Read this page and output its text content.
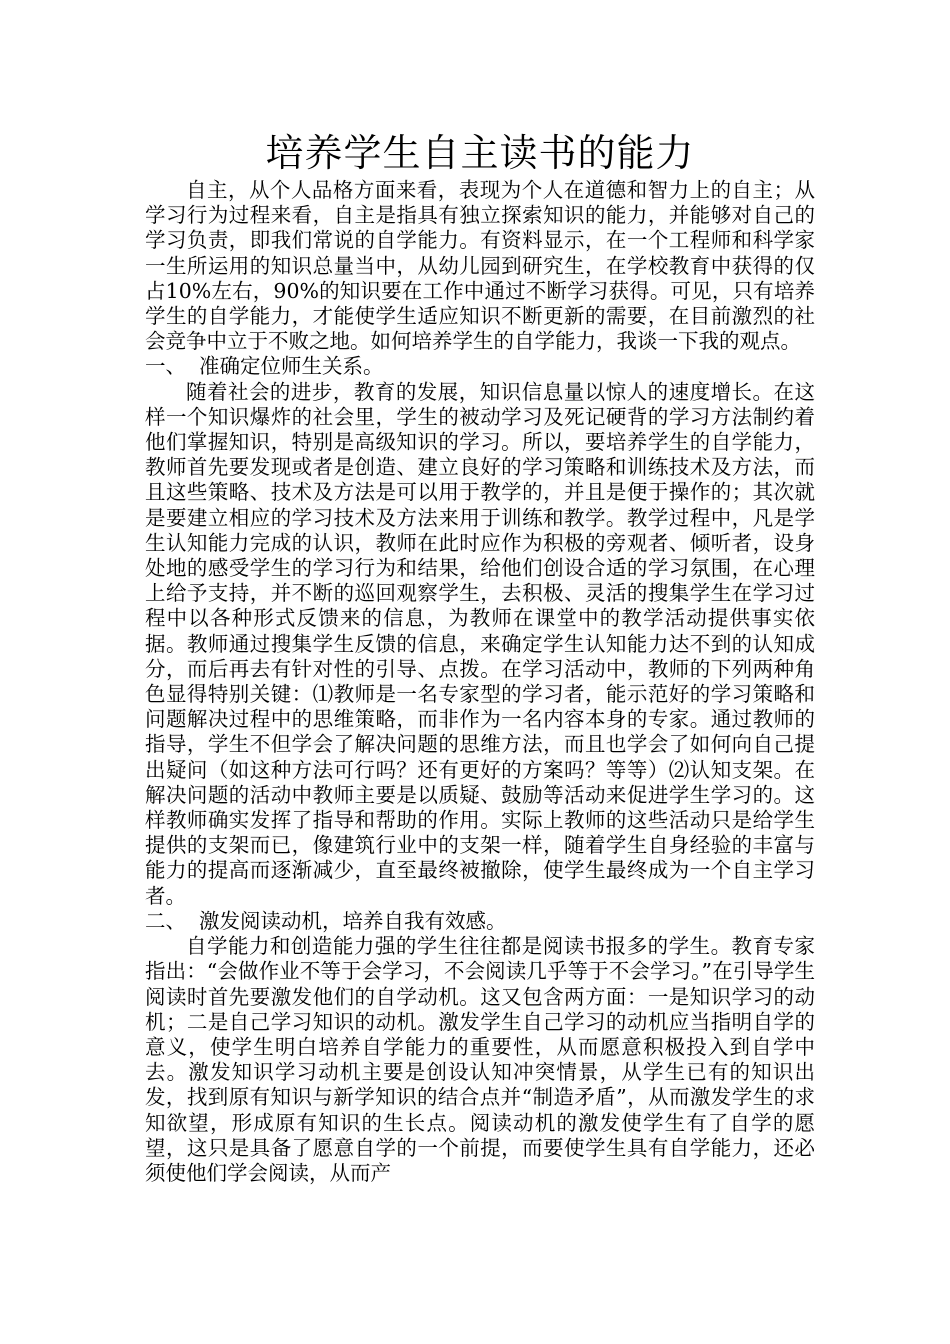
培养学生自主读书的能力

自主，从个人品格方面来看，表现为个人在道德和智力上的自主；从学习行为过程来看，自主是指具有独立探索知识的能力，并能够对自己的学习负责，即我们常说的自学能力。有资料显示，在一个工程师和科学家一生所运用的知识总量当中，从幼儿园到研究生，在学校教育中获得的仅占10%左右，90%的知识要在工作中通过不断学习获得。可见，只有培养学生的自学能力，才能使学生适应知识不断更新的需要，在目前激烈的社会竞争中立于不败之地。如何培养学生的自学能力，我谈一下我的观点。

一、  准确定位师生关系。

随着社会的进步，教育的发展，知识信息量以惊人的速度增长。在这样一个知识爆炸的社会里，学生的被动学习及死记硬背的学习方法制约着他们掌握知识，特别是高级知识的学习。所以，要培养学生的自学能力，教师首先要发现或者是创造、建立良好的学习策略和训练技术及方法，而且这些策略、技术及方法是可以用于教学的，并且是便于操作的；其次就是要建立相应的学习技术及方法来用于训练和教学。教学过程中，凡是学生认知能力完成的认识，教师在此时应作为积极的旁观者、倾听者，设身处地的感受学生的学习行为和结果，给他们创设合适的学习氛围，在心理上给予支持，并不断的巡回观察学生，去积极、灵活的搜集学生在学习过程中以各种形式反馈来的信息，为教师在课堂中的教学活动提供事实依据。教师通过搜集学生反馈的信息，来确定学生认知能力达不到的认知成分，而后再去有针对性的引导、点拨。在学习活动中，教师的下列两种角色显得特别关键：⑴教师是一名专家型的学习者，能示范好的学习策略和问题解决过程中的思维策略，而非作为一名内容本身的专家。通过教师的指导，学生不但学会了解决问题的思维方法，而且也学会了如何向自己提出疑问（如这种方法可行吗？还有更好的方案吗？等等）⑵认知支架。在解决问题的活动中教师主要是以质疑、鼓励等活动来促进学生学习的。这样教师确实发挥了指导和帮助的作用。实际上教师的这些活动只是给学生提供的支架而已，像建筑行业中的支架一样，随着学生自身经验的丰富与能力的提高而逐渐减少，直至最终被撤除，使学生最终成为一个自主学习者。

二、  激发阅读动机，培养自我有效感。

自学能力和创造能力强的学生往往都是阅读书报多的学生。教育专家指出：“会做作业不等于会学习，不会阅读几乎等于不会学习。”在引导学生阅读时首先要激发他们的自学动机。这又包含两方面：一是知识学习的动机；二是自己学习知识的动机。激发学生自己学习的动机应当指明自学的意义，使学生明白培养自学能力的重要性，从而愿意积极投入到自学中去。激发知识学习动机主要是创设认知冲突情景，从学生已有的知识出发，找到原有知识与新学知识的结合点并“制造矛盾”，从而激发学生的求知欲望，形成原有知识的生长点。阅读动机的激发使学生有了自学的愿望，这只是具备了愿意自学的一个前提，而要使学生具有自学能力，还必须使他们学会阅读，从而产
